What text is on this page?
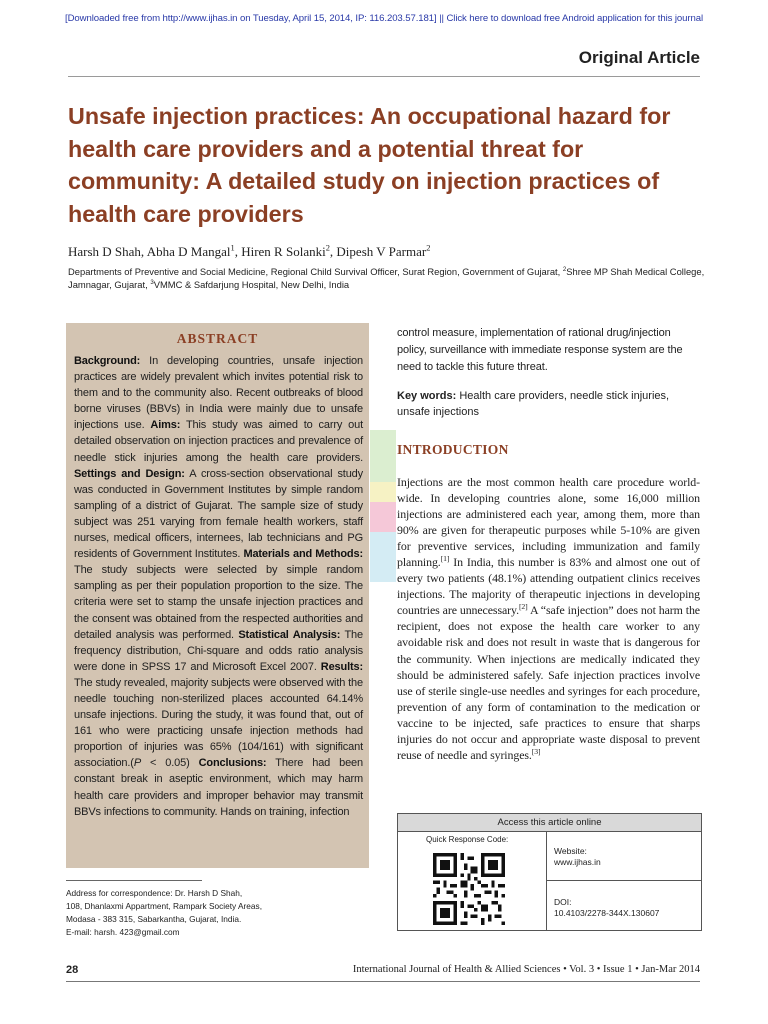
[Downloaded free from http://www.ijhas.in on Tuesday, April 15, 2014, IP: 116.203.57.181] || Click here to download free Android application for this journal
Original Article
Unsafe injection practices: An occupational hazard for health care providers and a potential threat for community: A detailed study on injection practices of health care providers
Harsh D Shah, Abha D Mangal$^1$, Hiren R Solanki$^2$, Dipesh V Parmar$^2$
Departments of Preventive and Social Medicine, Regional Child Survival Officer, Surat Region, Government of Gujarat, $^2$Shree MP Shah Medical College, Jamnagar, Gujarat, $^3$VMMC & Safdarjung Hospital, New Delhi, India
ABSTRACT
Background: In developing countries, unsafe injection practices are widely prevalent which invites potential risk to them and to the community also. Recent outbreaks of blood borne viruses (BBVs) in India were mainly due to unsafe injections use. Aims: This study was aimed to carry out detailed observation on injection practices and prevalence of needle stick injuries among the health care providers. Settings and Design: A cross-section observational study was conducted in Government Institutes by simple random sampling of a district of Gujarat. The sample size of study subject was 251 varying from female health workers, staff nurses, medical officers, internees, lab technicians and PG residents of Government Institutes. Materials and Methods: The study subjects were selected by simple random sampling as per their population proportion to the size. The criteria were set to stamp the unsafe injection practices and the consent was obtained from the respected authorities and detailed analysis was performed. Statistical Analysis: The frequency distribution, Chi-square and odds ratio analysis were done in SPSS 17 and Microsoft Excel 2007. Results: The study revealed, majority subjects were observed with the needle touching non-sterilized places accounted 64.14% unsafe injections. During the study, it was found that, out of 161 who were practicing unsafe injection methods had proportion of injuries was 65% (104/161) with significant association.(P < 0.05) Conclusions: There had been constant break in aseptic environment, which may harm health care providers and improper behavior may transmit BBVs infections to community. Hands on training, infection
control measure, implementation of rational drug/injection policy, surveillance with immediate response system are the need to tackle this future threat.
Key words: Health care providers, needle stick injuries, unsafe injections
INTRODUCTION
Injections are the most common health care procedure world-wide. In developing countries alone, some 16,000 million injections are administered each year, among them, more than 90% are given for therapeutic purposes while 5-10% are given for preventive services, including immunization and family planning.[1] In India, this number is 83% and almost one out of every two patients (48.1%) attending outpatient clinics receives injections. The majority of therapeutic injections in developing countries are unnecessary.[2] A “safe injection” does not harm the recipient, does not expose the health care worker to any avoidable risk and does not result in waste that is dangerous for the community. When injections are medically indicated they should be administered safely. Safe injection practices involve use of sterile single-use needles and syringes for each procedure, prevention of any form of contamination to the medication or vaccine to be injected, safe practices to ensure that sharps injuries do not occur and appropriate waste disposal to prevent reuse of needle and syringes.[3]
Access this article online
Quick Response Code:
Website:
www.ijhas.in
DOI:
10.4103/2278-344X.130607
Address for correspondence: Dr. Harsh D Shah,
108, Dhanlaxmi Appartment, Rampark Society Areas,
Modasa - 383 315, Sabarkantha, Gujarat, India.
E-mail: harsh. 423@gmail.com
28	International Journal of Health & Allied Sciences • Vol. 3 • Issue 1 • Jan-Mar 2014
